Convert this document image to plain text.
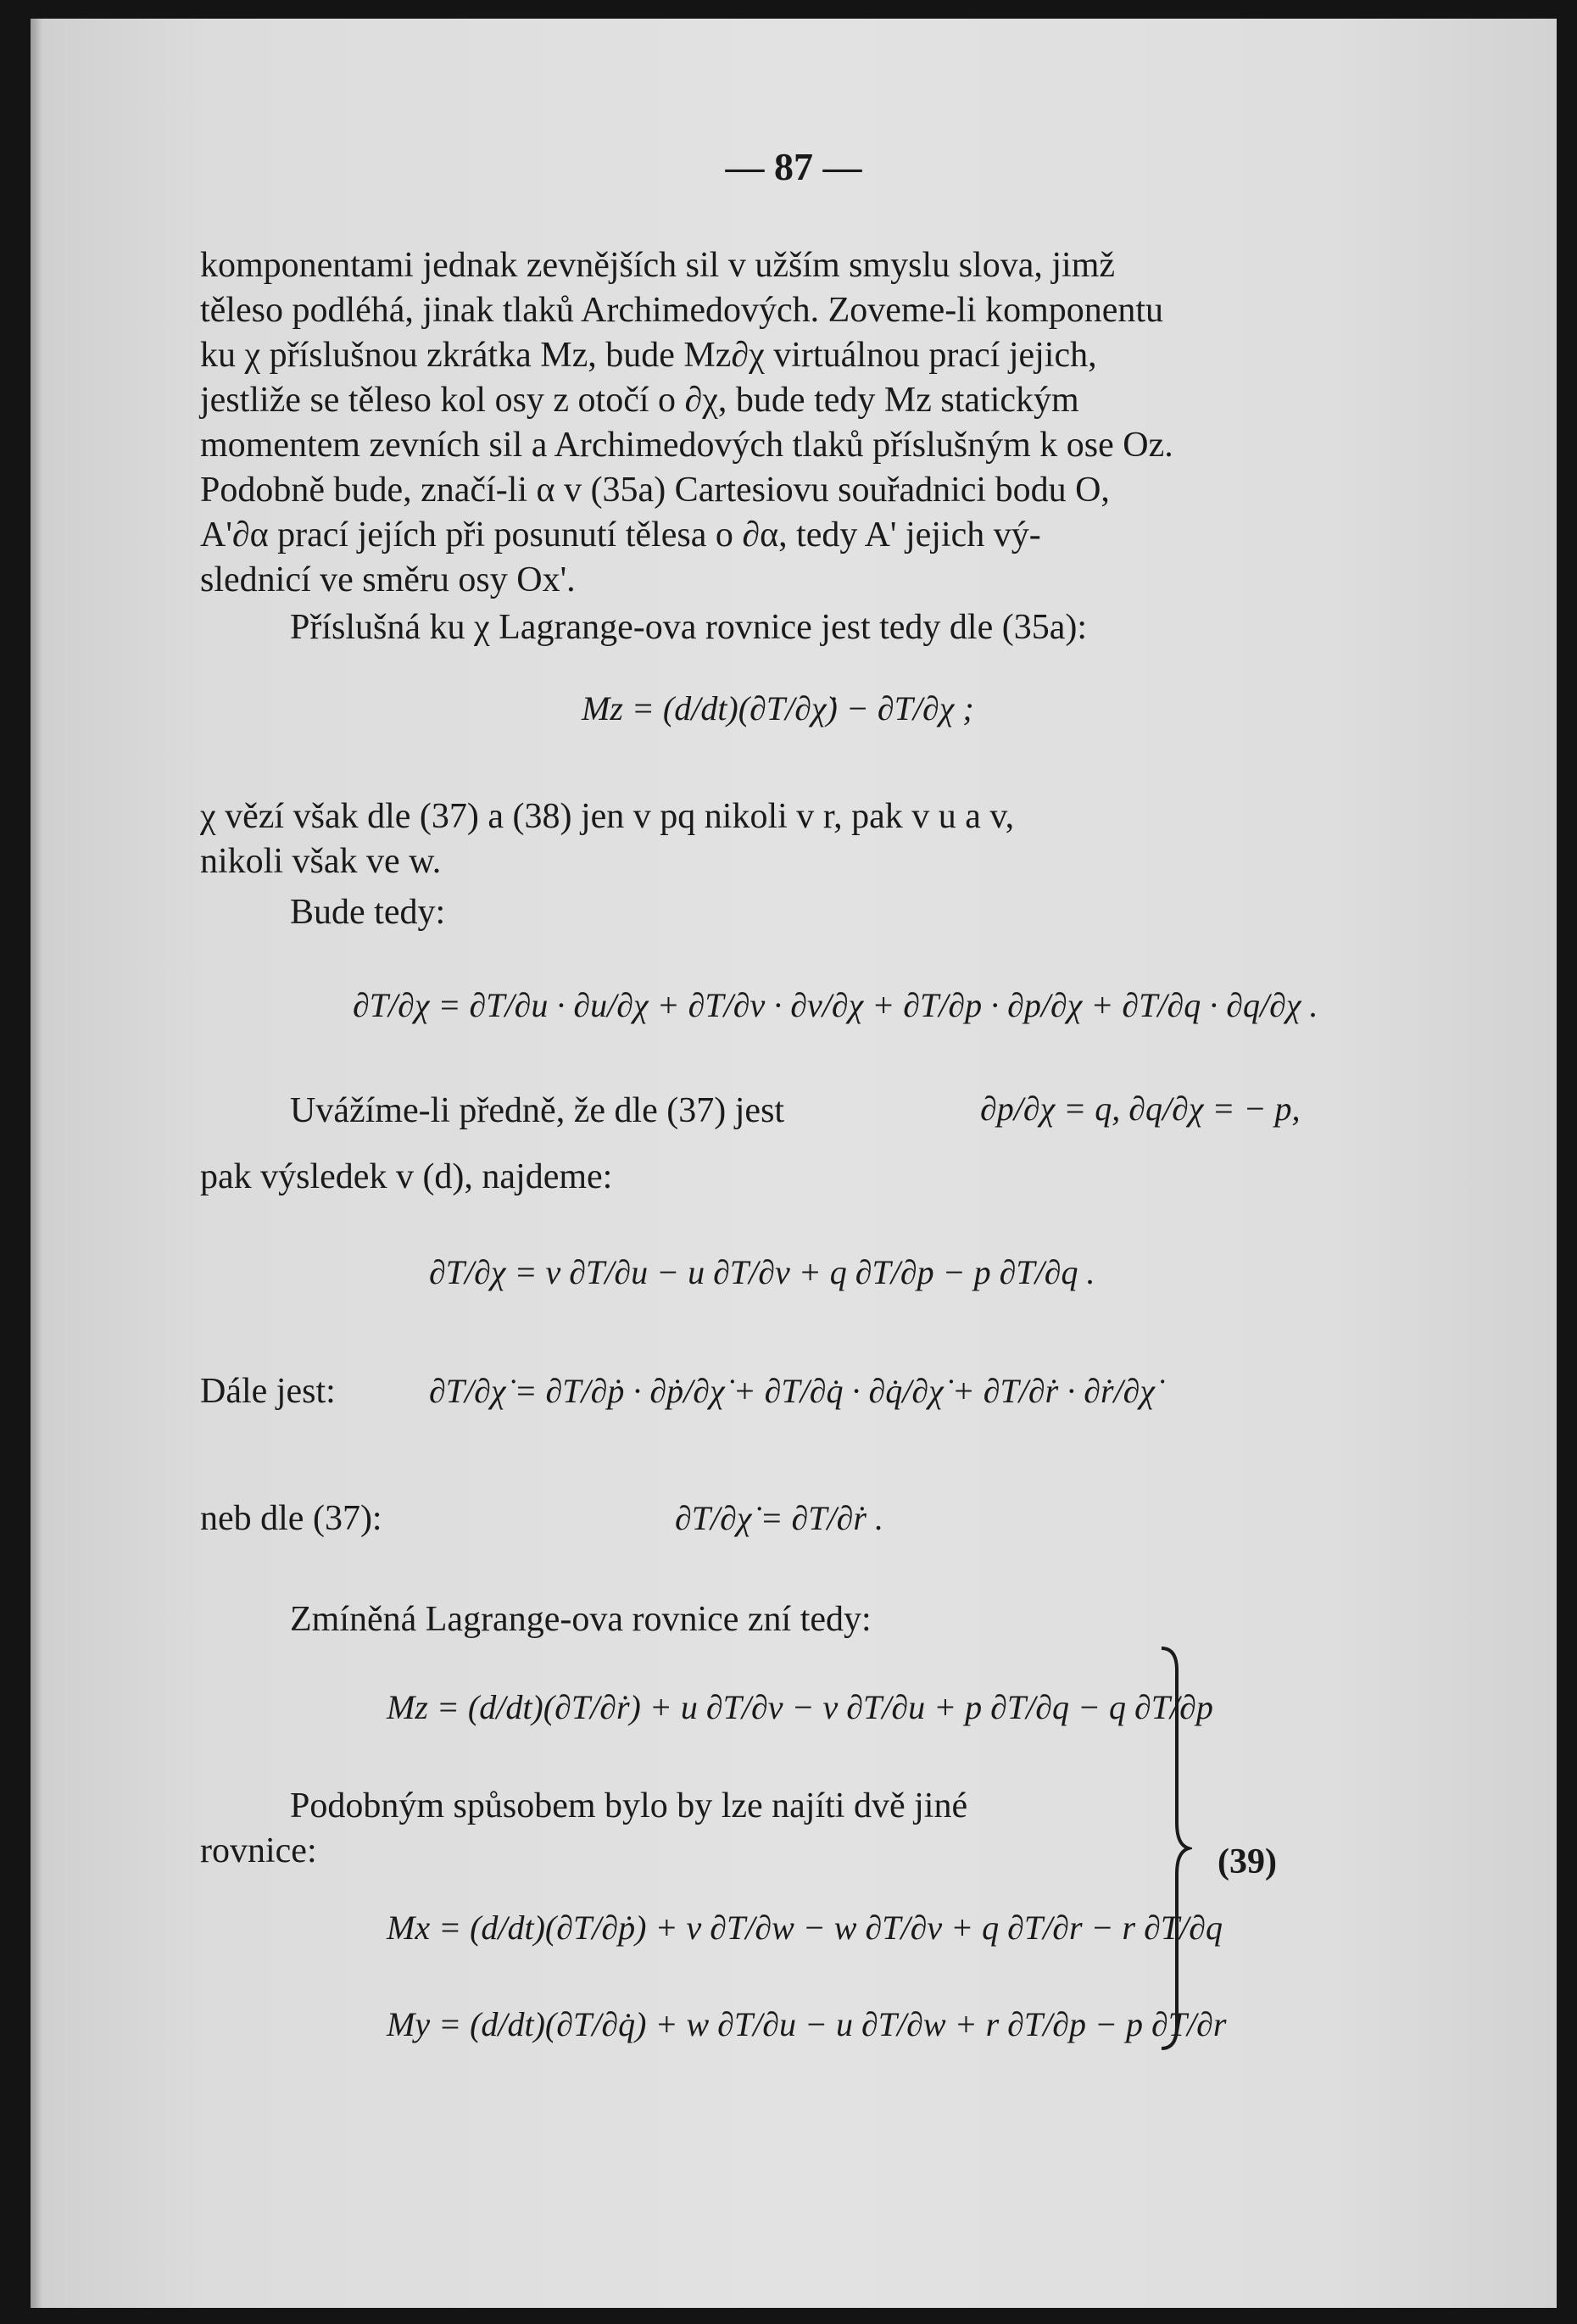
— 87 —
komponentami jednak zevnějších sil v užším smyslu slova, jimž
těleso podléhá, jinak tlaků Archimedových. Zoveme-li komponentu
ku χ příslušnou zkrátka Mz, bude Mz∂χ virtuálnou prací jejich,
jestliže se těleso kol osy z otočí o ∂χ, bude tedy Mz statickým
momentem zevních sil a Archimedových tlaků příslušným k ose Oz.
Podobně bude, značí-li α v (35a) Cartesiovu souřadnici bodu O,
A'∂α prací jejích při posunutí tělesa o ∂α, tedy A' jejich vý-
slednicí ve směru osy Ox'.
Příslušná ku χ Lagrange-ova rovnice jest tedy dle (35a):
Mz = (d/dt)(∂T/∂χ̇) − ∂T/∂χ ;
χ vězí však dle (37) a (38) jen v pq nikoli v r, pak v u a v,
nikoli však ve w.
Bude tedy:
∂T/∂χ = ∂T/∂u · ∂u/∂χ + ∂T/∂v · ∂v/∂χ + ∂T/∂p · ∂p/∂χ + ∂T/∂q · ∂q/∂χ .
Uvážíme-li předně, že dle (37) jest	∂p/∂χ = q, ∂q/∂χ = − p,
pak výsledek v (d), najdeme:
∂T/∂χ = v ∂T/∂u − u ∂T/∂v + q ∂T/∂p − p ∂T/∂q .
Dále jest:	∂T/∂χ̇ = ∂T/∂ṗ · ∂ṗ/∂χ̇ + ∂T/∂q̇ · ∂q̇/∂χ̇ + ∂T/∂ṙ · ∂ṙ/∂χ̇
neb dle (37):	∂T/∂χ̇ = ∂T/∂ṙ .
Zmíněná Lagrange-ova rovnice zní tedy:
Mz = (d/dt)(∂T/∂ṙ) + u ∂T/∂v − v ∂T/∂u + p ∂T/∂q − q ∂T/∂p
Podobným spůsobem bylo by lze najíti dvě jiné
rovnice:
Mx = (d/dt)(∂T/∂ṗ) + v ∂T/∂w − w ∂T/∂v + q ∂T/∂r − r ∂T/∂q
My = (d/dt)(∂T/∂q̇) + w ∂T/∂u − u ∂T/∂w + r ∂T/∂p − p ∂T/∂r
(39)
